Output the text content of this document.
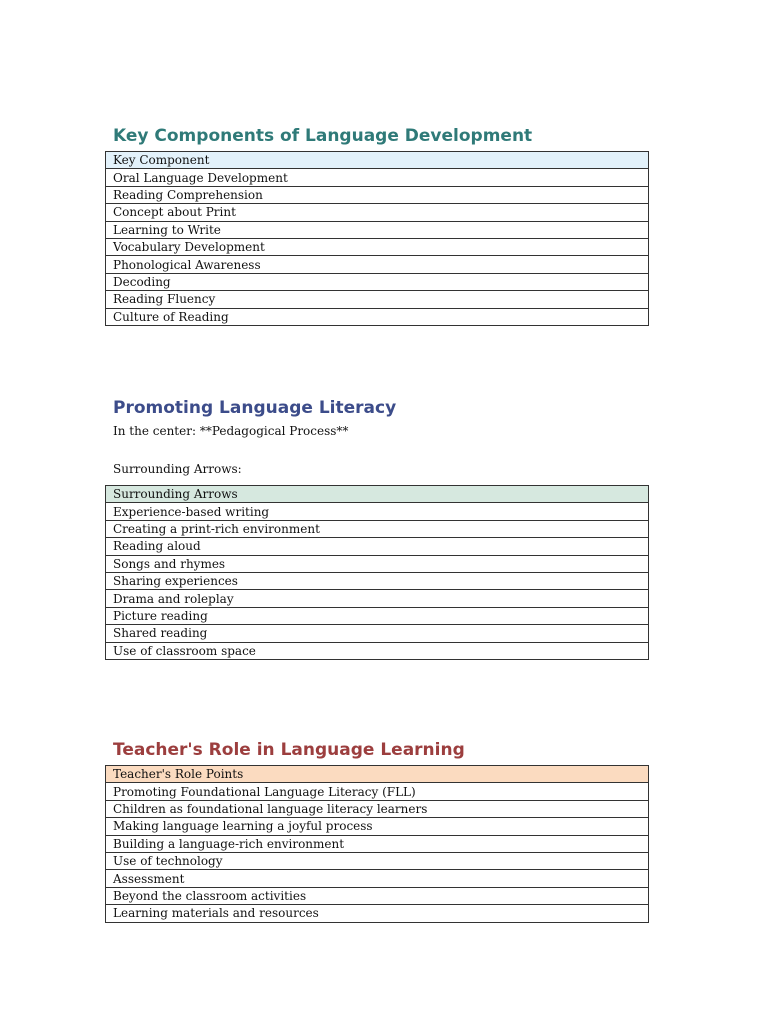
Key Components of Language Development
Key Component
Oral Language Development
Reading Comprehension
Concept about Print
Learning to Write
Vocabulary Development
Phonological Awareness
Decoding
Reading Fluency
Culture of Reading
Promoting Language Literacy
In the center: **Pedagogical Process**
Surrounding Arrows:
Surrounding Arrows
Experience-based writing
Creating a print-rich environment
Reading aloud
Songs and rhymes
Sharing experiences
Drama and roleplay
Picture reading
Shared reading
Use of classroom space
Teacher's Role in Language Learning
Teacher's Role Points
Promoting Foundational Language Literacy (FLL)
Children as foundational language literacy learners
Making language learning a joyful process
Building a language-rich environment
Use of technology
Assessment
Beyond the classroom activities
Learning materials and resources
